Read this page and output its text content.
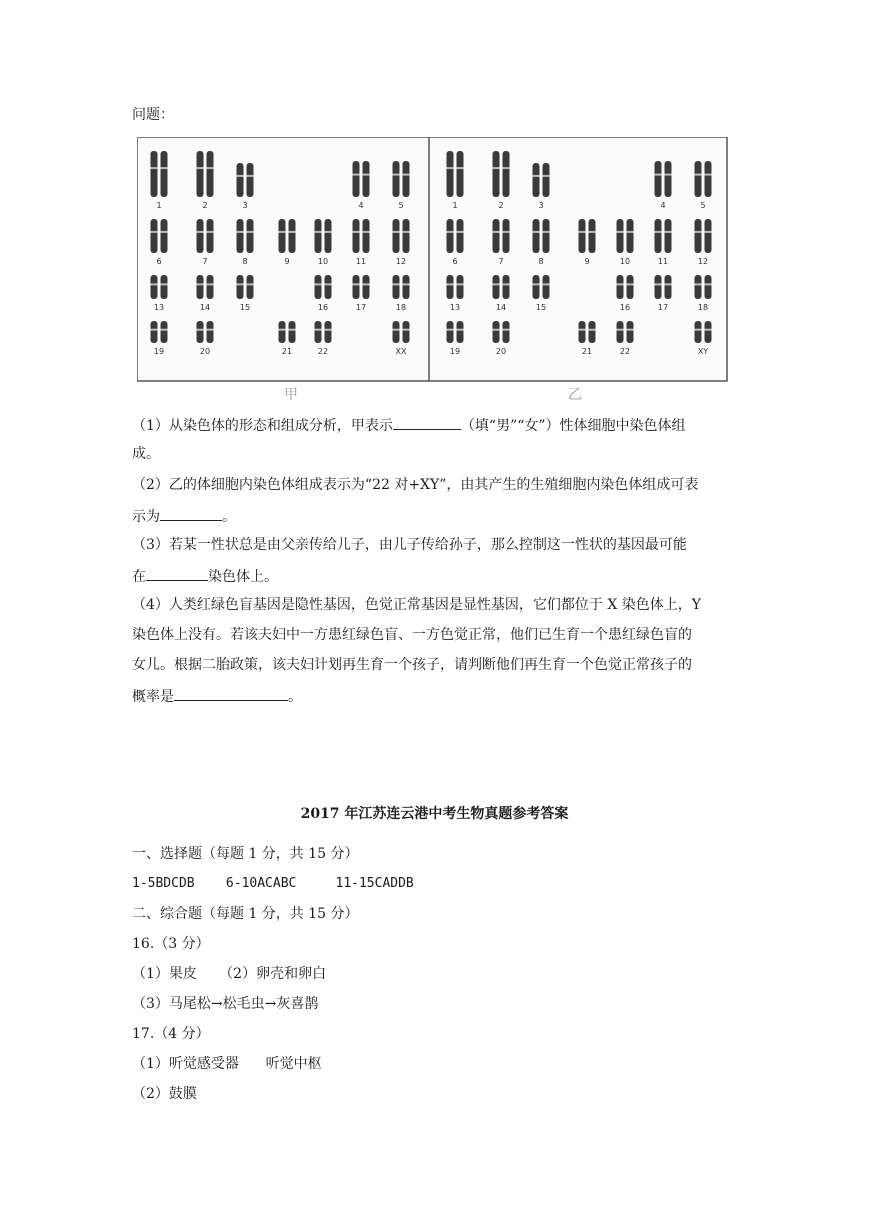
问题：
1	2	3	4	5
6	7	8	9	10	11	12
13	14	15	16	17	18
19	20	21	22	XX
1	2	3	4	5
6	7	8	9	10	11	12
13	14	15	16	17	18
19	20	21	22	XY
甲	乙
（1）从染色体的形态和组成分析，甲表示	（填“男”“女”）性体细胞中染色体组
成。
（2）乙的体细胞内染色体组成表示为“22 对+XY”，由其产生的生殖细胞内染色体组成可表
示为	。
（3）若某一性状总是由父亲传给儿子，由儿子传给孙子，那么控制这一性状的基因最可能
在	染色体上。
（4）人类红绿色盲基因是隐性基因，色觉正常基因是显性基因，它们都位于 X 染色体上，Y
染色体上没有。若该夫妇中一方患红绿色盲、一方色觉正常，他们已生育一个患红绿色盲的
女儿。根据二胎政策，该夫妇计划再生育一个孩子，请判断他们再生育一个色觉正常孩子的
概率是	。
2017 年江苏连云港中考生物真题参考答案
一、选择题（每题 1 分，共 15 分）
1-5BDCDB    6-10ACABC     11-15CADDB
二、综合题（每题 1 分，共 15 分）
16.（3 分）
（1）果皮     （2）卵壳和卵白
（3）马尾松→松毛虫→灰喜鹊
17.（4 分）
（1）听觉感受器      听觉中枢
（2）鼓膜
